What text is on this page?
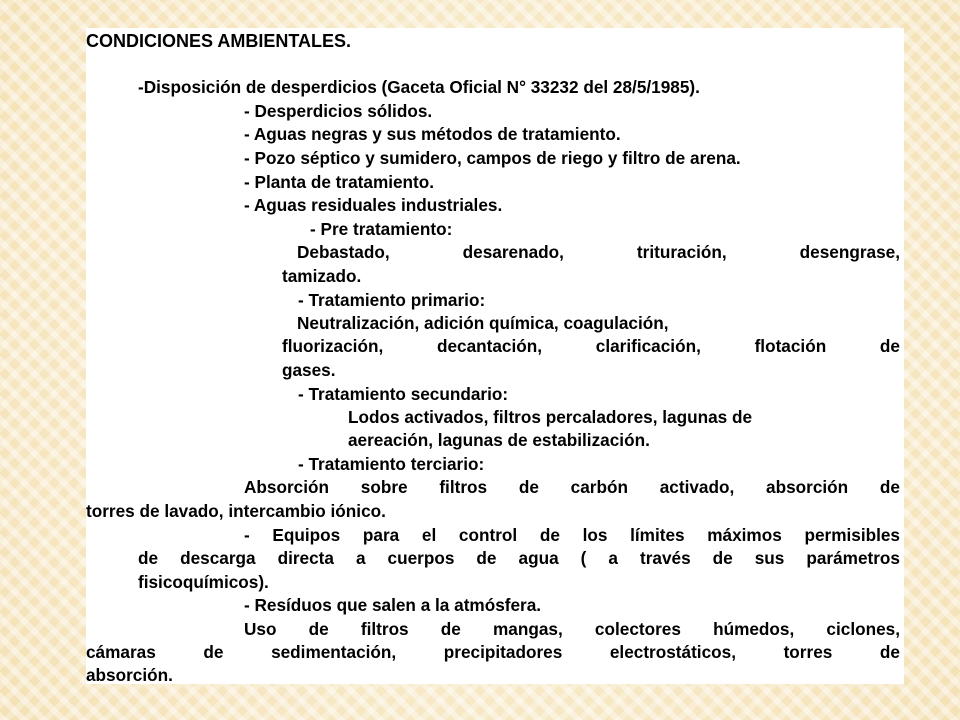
CONDICIONES AMBIENTALES.
-Disposición de desperdicios (Gaceta Oficial N° 33232 del 28/5/1985).
- Desperdicios sólidos.
- Aguas negras y sus métodos de tratamiento.
- Pozo séptico y sumidero, campos de riego y filtro de arena.
- Planta de tratamiento.
- Aguas residuales industriales.
- Pre tratamiento:
Debastado, desarenado, trituración, desengrase,
tamizado.
- Tratamiento primario:
Neutralización, adición química, coagulación,
fluorización, decantación, clarificación, flotación de
gases.
- Tratamiento secundario:
Lodos activados, filtros percaladores, lagunas de
aereación, lagunas de estabilización.
- Tratamiento terciario:
Absorción sobre filtros de carbón activado, absorción de
torres de lavado, intercambio iónico.
- Equipos para el control de los límites máximos permisibles
de descarga directa a cuerpos de agua ( a través de sus parámetros
fisicoquímicos).
- Resíduos que salen a la atmósfera.
Uso de filtros de mangas, colectores húmedos, ciclones,
cámaras de sedimentación, precipitadores electrostáticos, torres de
absorción.
